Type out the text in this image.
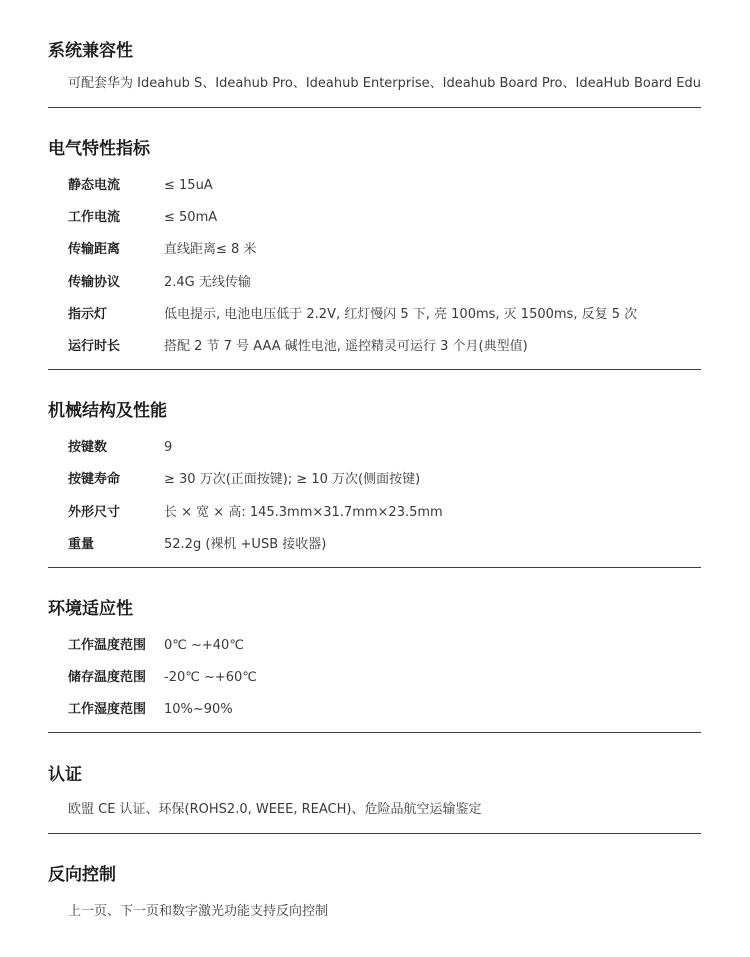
系统兼容性
可配套华为 Ideahub S、Ideahub Pro、Ideahub Enterprise、Ideahub Board Pro、IdeaHub Board Edu
电气特性指标
静态电流	≤ 15uA
工作电流	≤ 50mA
传输距离	直线距离≤ 8 米
传输协议	2.4G 无线传输
指示灯	低电提示, 电池电压低于 2.2V, 红灯慢闪 5 下, 亮 100ms, 灭 1500ms, 反复 5 次
运行时长	搭配 2 节 7 号 AAA 碱性电池, 遥控精灵可运行 3 个月(典型值)
机械结构及性能
按键数	9
按键寿命	≥ 30 万次(正面按键); ≥ 10 万次(侧面按键)
外形尺寸	长 × 宽 × 高: 145.3mm×31.7mm×23.5mm
重量	52.2g (裸机 +USB 接收器)
环境适应性
工作温度范围 0℃ ~+40℃
储存温度范围 -20℃ ~+60℃
工作湿度范围 10%~90%
认证
欧盟 CE 认证、环保(ROHS2.0, WEEE, REACH)、危险品航空运输鉴定
反向控制
上一页、下一页和数字激光功能支持反向控制
